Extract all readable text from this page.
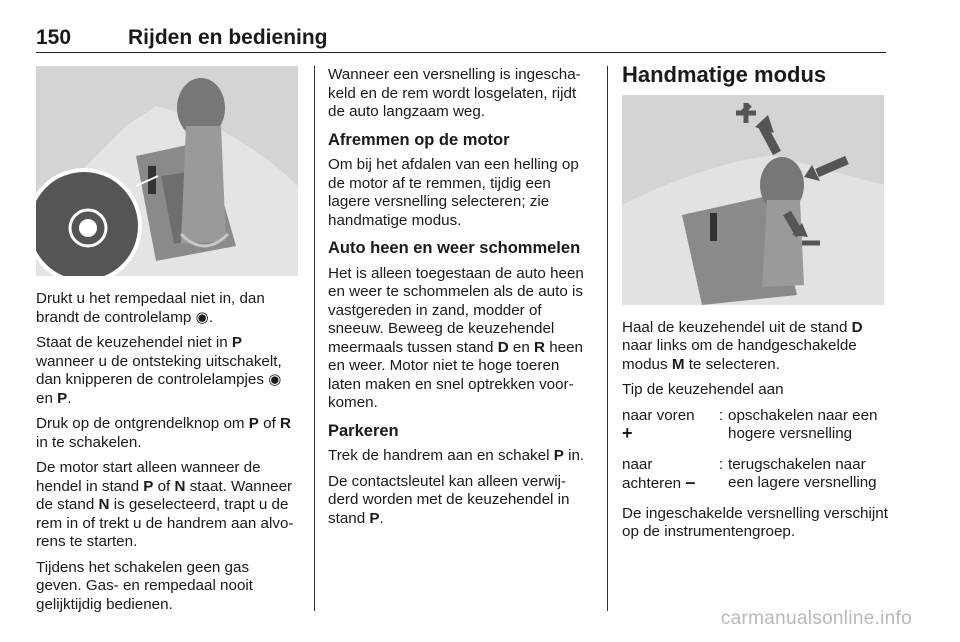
150	Rijden en bediening

Drukt u het rempedaal niet in, dan brandt de controlelamp ◉.

Staat de keuzehendel niet in P wanneer u de ontsteking uitschakelt, dan knipperen de controlelampjes ◉ en P.

Druk op de ontgrendelknop om P of R in te schakelen.

De motor start alleen wanneer de hendel in stand P of N staat. Wanneer de stand N is geselecteerd, trapt u de rem in of trekt u de handrem aan alvo-rens te starten.

Tijdens het schakelen geen gas geven. Gas- en rempedaal nooit gelijktijdig bedienen.

Wanneer een versnelling is ingescha-keld en de rem wordt losgelaten, rijdt de auto langzaam weg.

Afremmen op de motor

Om bij het afdalen van een helling op de motor af te remmen, tijdig een lagere versnelling selecteren; zie handmatige modus.

Auto heen en weer schommelen

Het is alleen toegestaan de auto heen en weer te schommelen als de auto is vastgereden in zand, modder of sneeuw. Beweeg de keuzehendel meermaals tussen stand D en R heen en weer. Motor niet te hoge toeren laten maken en snel optrekken voor-komen.

Parkeren

Trek de handrem aan en schakel P in.

De contactsleutel kan alleen verwij-derd worden met de keuzehendel in stand P.

Handmatige modus

Haal de keuzehendel uit de stand D naar links om de handgeschakelde modus M te selecteren.

Tip de keuzehendel aan

naar voren
+
: opschakelen naar een hogere versnelling
naar achteren –
: terugschakelen naar een lagere versnelling

De ingeschakelde versnelling verschijnt op de instrumentengroep.

carmanualsonline.info
